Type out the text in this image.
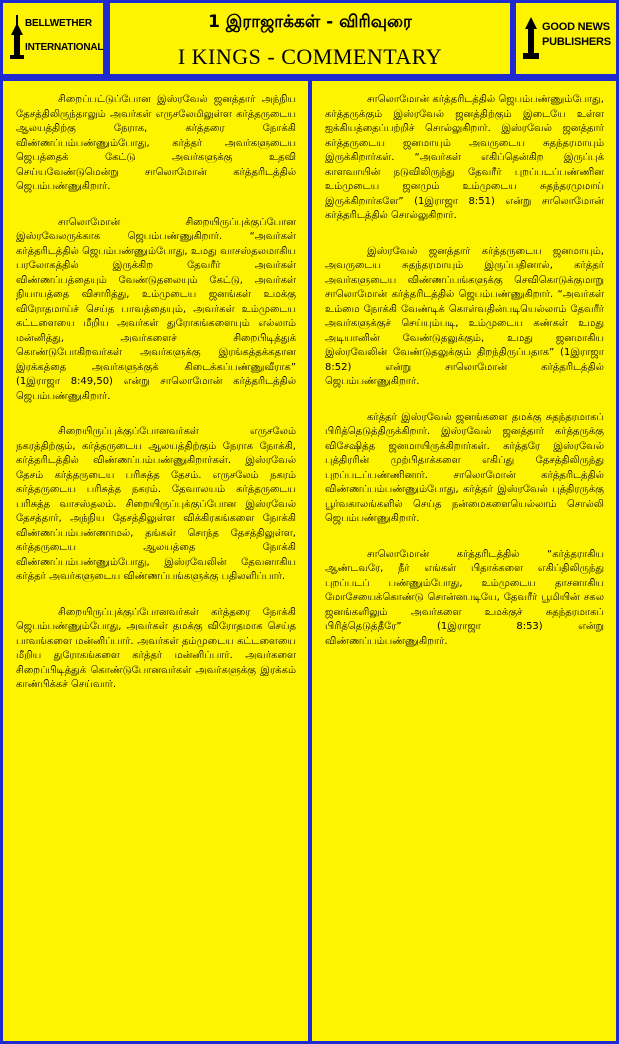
BELLWETHER
INTERNATIONAL
1 இராஜாக்கள் - விரிவுரை
I KINGS - COMMENTARY
GOOD NEWS
PUBLISHERS

சிறைப்பட்டுப்போன இஸ்ரவேல் ஜனத்தார் அந்நிய தேசத்திலிருந்தாலும் அவர்கள் எருசலேமிலுள்ள கர்த்தருடைய ஆலயத்திற்கு நேராக, கர்த்தரை நோக்கி விண்ணப்பம்பண்ணும்போது, கர்த்தர் அவர்களுடைய ஜெபத்தைக் கேட்டு அவர்களுக்கு உதவி செய்யவேண்டுமென்று சாலொமோன் கர்த்தரிடத்தில் ஜெபம்பண்ணுகிறார்.

சாலொமோன் சிறையிருப்புக்குப்போன இஸ்ரவேலருக்காக ஜெபம்பண்ணுகிறார். “அவர்கள் கர்த்தரிடத்தில் ஜெபம்பண்ணும்போது, உமது வாசஸ்தலமாகிய பரலோகத்தில் இருக்கிற தேவரீர் அவர்கள் விண்ணப்பத்தையும் வேண்டுதலையும் கேட்டு, அவர்கள் நியாயத்தை விசாரித்து, உம்முடைய ஜனங்கள் உமக்கு விரோதமாய்ச் செய்த பாவத்தையும், அவர்கள் உம்முடைய கட்டளையை மீறிய அவர்கள் துரோகங்களையும் எல்லாம் மன்னித்து, அவர்களைச் சிறைபிடித்துக் கொண்டுபோகிறவர்கள் அவர்களுக்கு இரங்கத்தக்கதான இரக்கத்தை அவர்களுக்குக் கிடைக்கப்பண்ணுவீராக” (1இராஜா 8:49,50) என்று சாலொமோன் கர்த்தரிடத்தில் ஜெபம்பண்ணுகிறார்.

சிறையிருப்புக்குப்போனவர்கள் எருசலேம் நகரத்திற்கும், கர்த்தருடைய ஆலயத்திற்கும் நேராக நோக்கி, கர்த்தரிடத்தில் விண்ணப்பம்பண்ணுகிறார்கள். இஸ்ரவேல் தேசம் கர்த்தருடைய பரிசுத்த தேசம். எருசலேம் நகரம் கர்த்தருடைய பரிசுத்த நகரம். தேவாலயம் கர்த்தருடைய பரிசுத்த வாசஸ்தலம். சிறையிருப்புக்குப்போன இஸ்ரவேல் தேசத்தார், அந்நிய தேசத்திலுள்ள விக்கிரகங்களை நோக்கி விண்ணப்பம்பண்ணாமல், தங்கள் சொந்த தேசத்திலுள்ள, கர்த்தருடைய ஆலயத்தை நோக்கி விண்ணப்பம்பண்ணும்போது, இஸ்ரவேலின் தேவனாகிய கர்த்தர் அவர்களுடைய விண்ணப்பங்களுக்கு பதிலளிப்பார்.

சிறையிருப்புக்குப்போனவர்கள் கர்த்தரை நோக்கி ஜெபம்பண்ணும்போது, அவர்கள் தமக்கு விரோதமாக செய்த பாவங்களை மன்னிப்பார். அவர்கள் தம்முடைய கட்டளையை மீறிய துரோகங்களை கர்த்தர் மன்னிப்பார். அவர்களை சிறைப்பிடித்துக் கொண்டுபோனவர்கள் அவர்களுக்கு இரக்கம் காண்பிக்கச் செய்வார்.

சாலொமோன் கர்த்தரிடத்தில் ஜெபம்பண்ணும்போது, கர்த்தருக்கும் இஸ்ரவேல் ஜனத்திற்கும் இடையே உள்ள ஐக்கியத்தைப்பற்றிச் சொல்லுகிறார். இஸ்ரவேல் ஜனத்தார் கர்த்தருடைய ஜனமாயும் அவருடைய சுதந்தரமாயும் இருக்கிறார்கள். “அவர்கள் எகிப்தென்கிற இருப்புக் காளவாயின் நடுவிலிருந்து தேவரீர் புறப்படப்பண்ணின உம்முடைய ஜனமும் உம்முடைய சுதந்தரமுமாய் இருக்கிறார்களே” (1இராஜா 8:51) என்று சாலொமோன் கர்த்தரிடத்தில் சொல்லுகிறார்.

இஸ்ரவேல் ஜனத்தார் கர்த்தருடைய ஜனமாயும், அவருடைய சுதந்தரமாயும் இருப்பதினால், கர்த்தர் அவர்களுடைய விண்ணப்பங்களுக்கு செவிகொடுக்குமாறு சாலொமோன் கர்த்தரிடத்தில் ஜெபம்பண்ணுகிறார். “அவர்கள் உம்மை நோக்கி வேண்டிக் கொள்வதின்படியெல்லாம் தேவரீர் அவர்களுக்குச் செய்யும்படி, உம்முடைய கண்கள் உமது அடியானின் வேண்டுதலுக்கும், உமது ஜனமாகிய இஸ்ரவேலின் வேண்டுதலுக்கும் திறந்திருப்பதாக” (1இராஜா 8:52) என்று சாலொமோன் கர்த்தரிடத்தில் ஜெபம்பண்ணுகிறார்.

கர்த்தர் இஸ்ரவேல் ஜனங்களை தமக்கு சுதந்தரமாகப் பிரித்தெடுத்திருக்கிறார். இஸ்ரவேல் ஜனத்தார் கர்த்தருக்கு விசேஷித்த ஜனமாயிருக்கிறார்கள். கர்த்தரே இஸ்ரவேல் புத்திரரின் முற்பிதாக்களை எகிப்து தேசத்திலிருந்து புறப்படப்பண்ணினார். சாலொமோன் கர்த்தரிடத்தில் விண்ணப்பம்பண்ணும்போது, கர்த்தர் இஸ்ரவேல் புத்திரருக்கு பூர்வகாலங்களில் செய்த நன்மைகளையெல்லாம் சொல்லி ஜெபம்பண்ணுகிறார்.

சாலொமோன் கர்த்தரிடத்தில் “கர்த்தராகிய ஆண்டவரே, நீர் எங்கள் பிதாக்களை எகிப்திலிருந்து புறப்படப் பண்ணும்போது, உம்முடைய தாசனாகிய மோசேயைக்கொண்டு சொன்னபடியே, தேவரீர் பூமியின் சகல ஜனங்களிலும் அவர்களை உமக்குச் சுதந்தரமாகப் பிரித்தெடுத்தீரே” (1இராஜா 8:53) என்று விண்ணப்பம்பண்ணுகிறார்.
